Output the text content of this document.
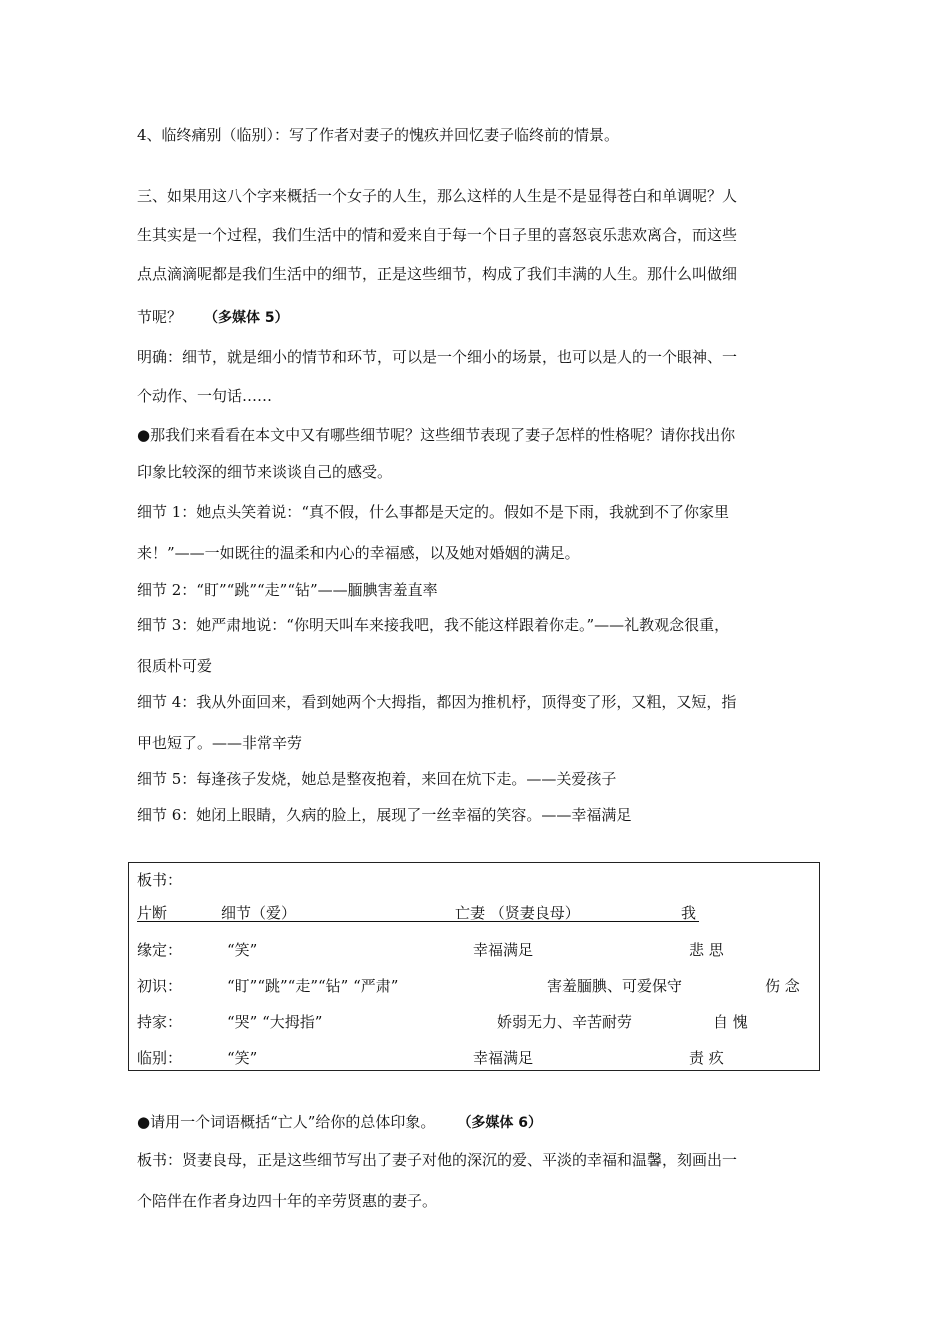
4、临终痛别（临别）：写了作者对妻子的愧疚并回忆妻子临终前的情景。
三、如果用这八个字来概括一个女子的人生，那么这样的人生是不是显得苍白和单调呢？人
生其实是一个过程，我们生活中的情和爱来自于每一个日子里的喜怒哀乐悲欢离合，而这些
点点滴滴呢都是我们生活中的细节，正是这些细节，构成了我们丰满的人生。那什么叫做细
节呢？ （多媒体 5）
明确：细节，就是细小的情节和环节，可以是一个细小的场景，也可以是人的一个眼神、一
个动作、一句话……
●那我们来看看在本文中又有哪些细节呢？这些细节表现了妻子怎样的性格呢？请你找出你
印象比较深的细节来谈谈自己的感受。
细节 1：她点头笑着说：“真不假，什么事都是天定的。假如不是下雨，我就到不了你家里
来！”——一如既往的温柔和内心的幸福感，以及她对婚姻的满足。
细节 2：“盯”“跳”“走”“钻”——腼腆害羞直率
细节 3：她严肃地说：“你明天叫车来接我吧，我不能这样跟着你走。”——礼教观念很重，
很质朴可爱
细节 4：我从外面回来，看到她两个大拇指，都因为推机杼，顶得变了形，又粗，又短，指
甲也短了。——非常辛劳
细节 5：每逢孩子发烧，她总是整夜抱着，来回在炕下走。——关爱孩子
细节 6：她闭上眼睛，久病的脸上，展现了一丝幸福的笑容。——幸福满足
板书：
片断	细节（爱）	亡妻 （贤妻良母）	我
缘定：	“笑”	幸福满足	悲 思
初识：	“盯”“跳”“走”“钻” “严肃”	害羞腼腆、可爱保守	伤 念
持家：	“哭” “大拇指”	娇弱无力、辛苦耐劳	自 愧
临别：	“笑”	幸福满足	责 疚
●请用一个词语概括“亡人”给你的总体印象。 （多媒体 6）
板书：贤妻良母，正是这些细节写出了妻子对他的深沉的爱、平淡的幸福和温馨，刻画出一
个陪伴在作者身边四十年的辛劳贤惠的妻子。
